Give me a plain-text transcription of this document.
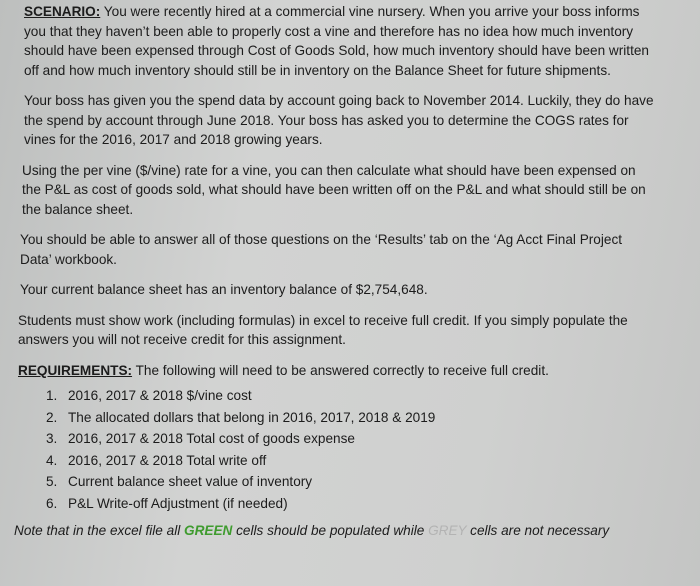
SCENARIO: You were recently hired at a commercial vine nursery. When you arrive your boss informs

you that they haven’t been able to properly cost a vine and therefore has no idea how much inventory

should have been expensed through Cost of Goods Sold, how much inventory should have been written

off and how much inventory should still be in inventory on the Balance Sheet for future shipments.

Your boss has given you the spend data by account going back to November 2014. Luckily, they do have

the spend by account through June 2018. Your boss has asked you to determine the COGS rates for

vines for the 2016, 2017 and 2018 growing years.

Using the per vine ($/vine) rate for a vine, you can then calculate what should have been expensed on

the P&L as cost of goods sold, what should have been written off on the P&L and what should still be on

the balance sheet.

You should be able to answer all of those questions on the ‘Results’ tab on the ‘Ag Acct Final Project

Data’ workbook.

Your current balance sheet has an inventory balance of $2,754,648.

Students must show work (including formulas) in excel to receive full credit. If you simply populate the

answers you will not receive credit for this assignment.

REQUIREMENTS: The following will need to be answered correctly to receive full credit.

1. 2016, 2017 & 2018 $/vine cost
2. The allocated dollars that belong in 2016, 2017, 2018 & 2019
3. 2016, 2017 & 2018 Total cost of goods expense
4. 2016, 2017 & 2018 Total write off
5. Current balance sheet value of inventory
6. P&L Write-off Adjustment (if needed)

Note that in the excel file all GREEN cells should be populated while GREY cells are not necessary
